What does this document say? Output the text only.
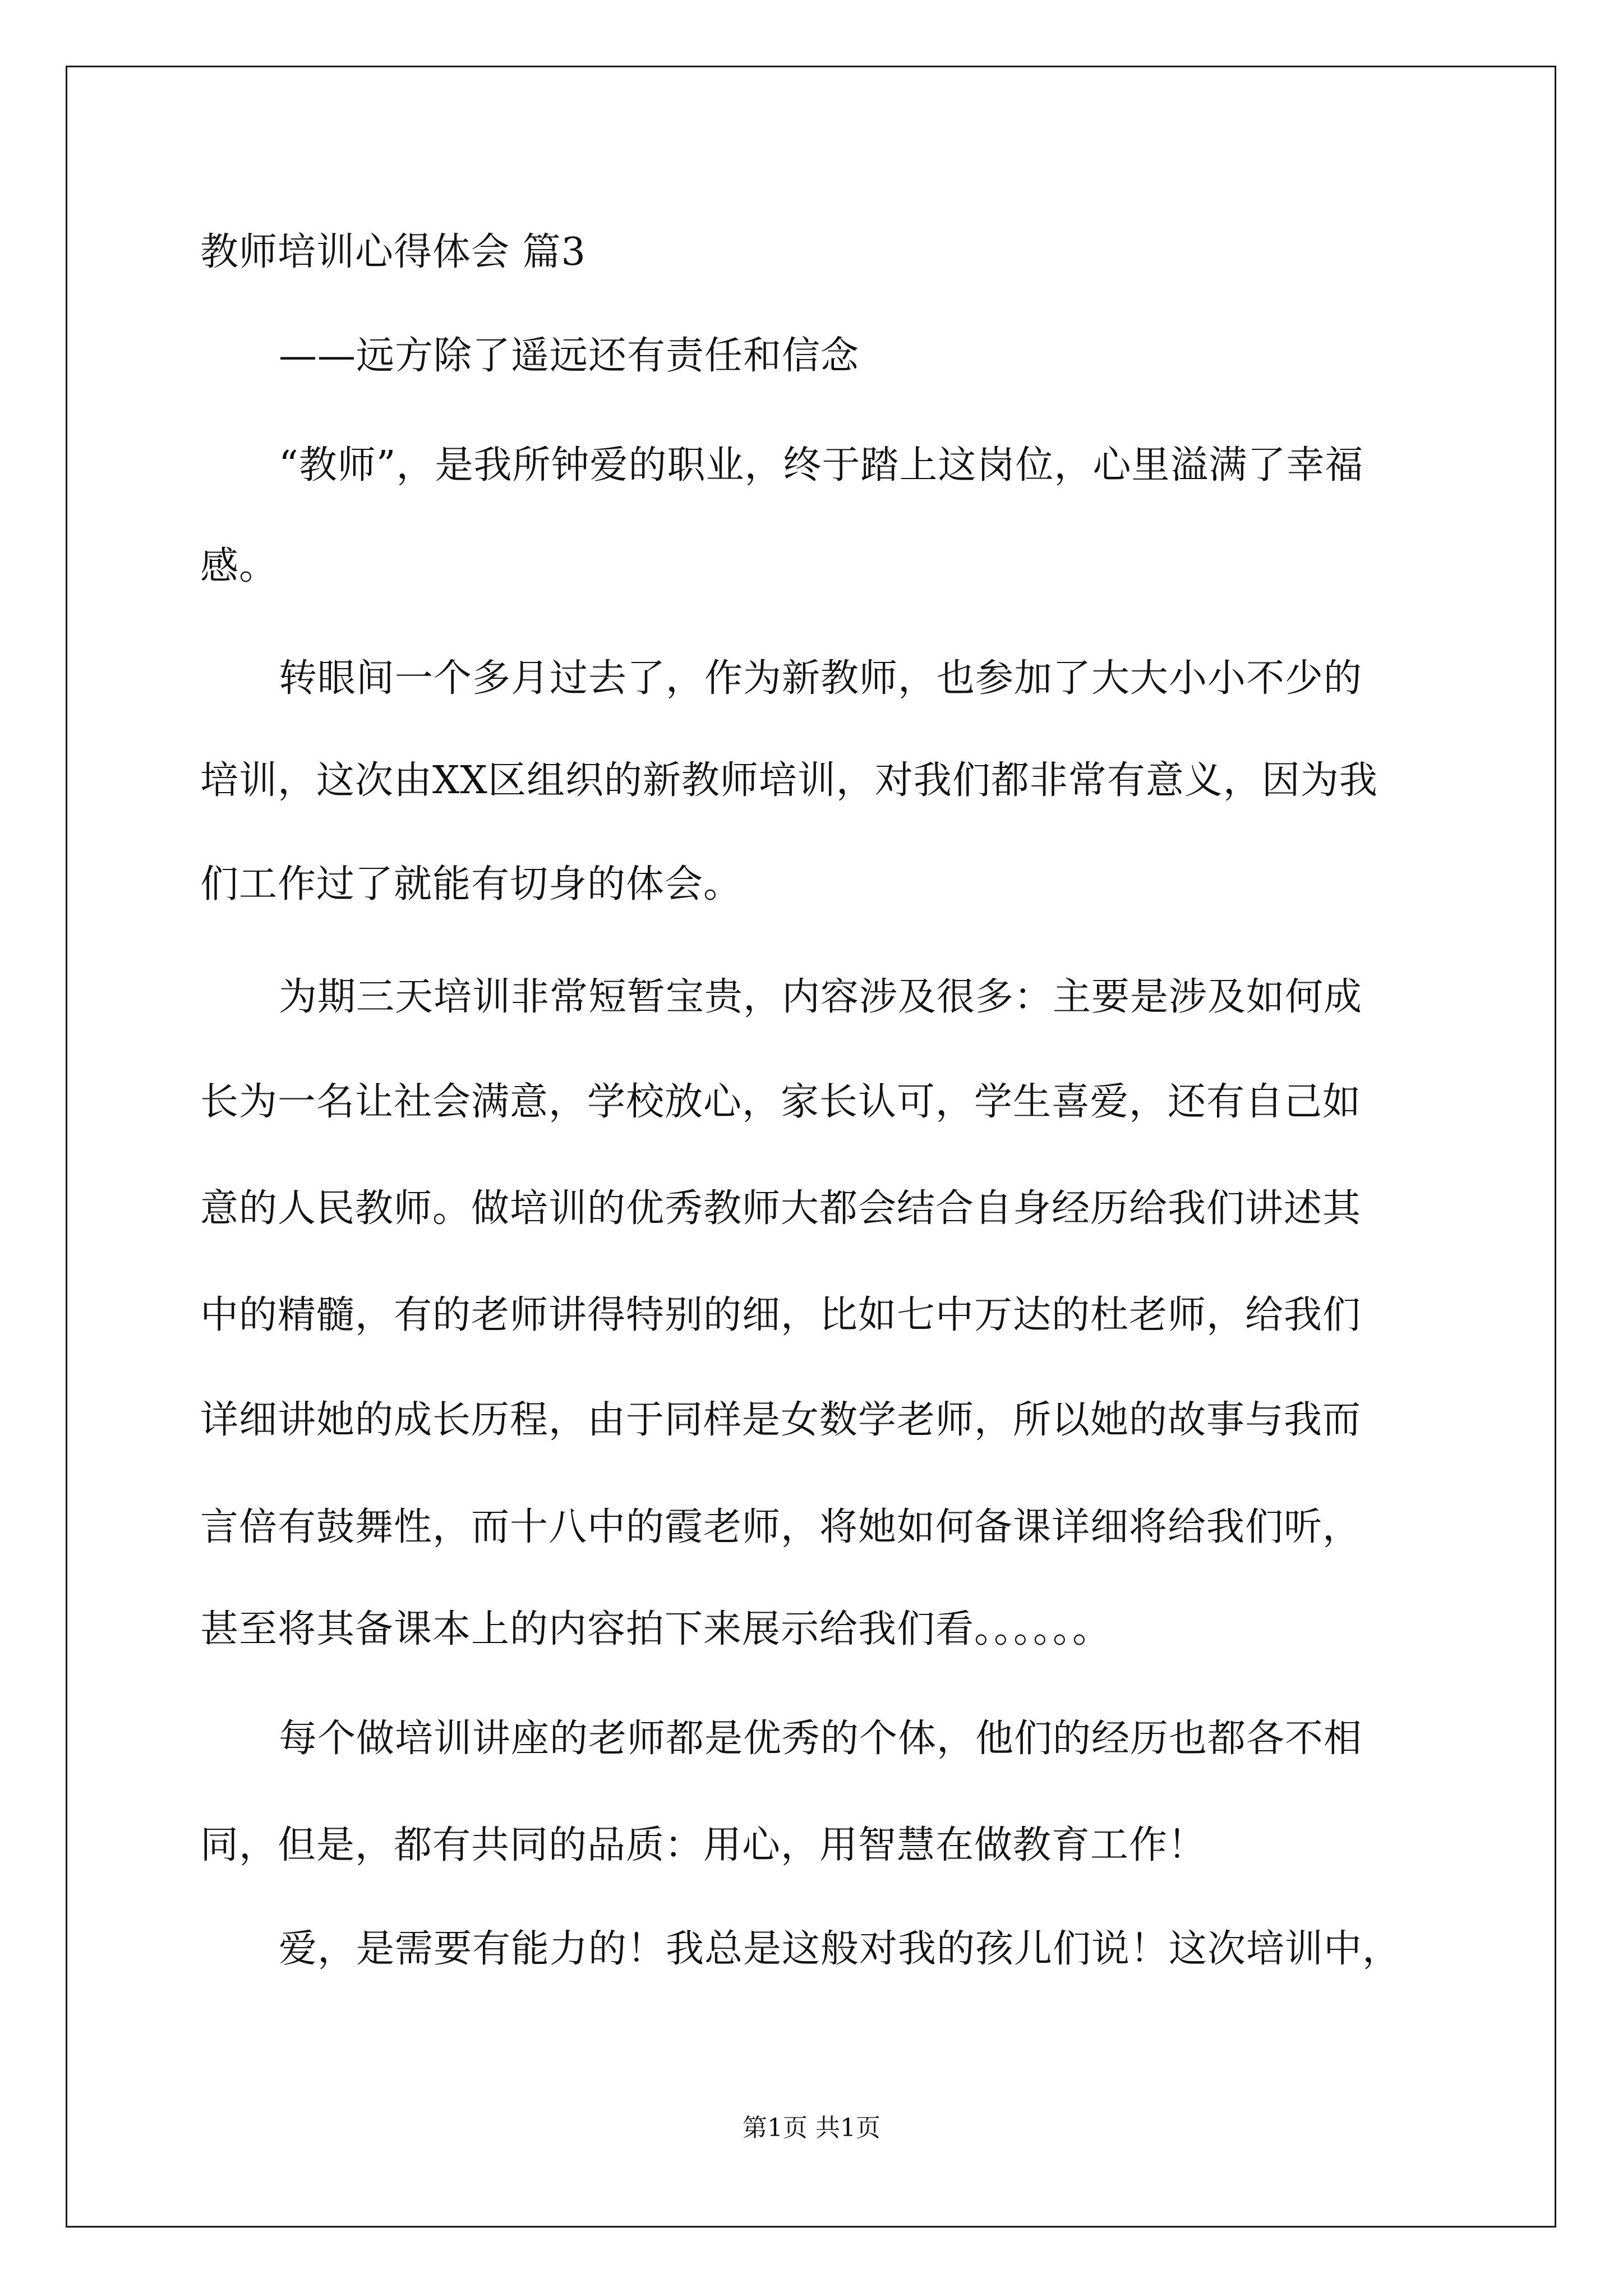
教师培训心得体会 篇3
——远方除了遥远还有责任和信念
“教师”，是我所钟爱的职业，终于踏上这岗位，心里溢满了幸福
感。
转眼间一个多月过去了，作为新教师，也参加了大大小小不少的
培训，这次由XX区组织的新教师培训，对我们都非常有意义，因为我
们工作过了就能有切身的体会。
为期三天培训非常短暂宝贵，内容涉及很多：主要是涉及如何成
长为一名让社会满意，学校放心，家长认可，学生喜爱，还有自己如
意的人民教师。做培训的优秀教师大都会结合自身经历给我们讲述其
中的精髓，有的老师讲得特别的细，比如七中万达的杜老师，给我们
详细讲她的成长历程，由于同样是女数学老师，所以她的故事与我而
言倍有鼓舞性，而十八中的霞老师，将她如何备课详细将给我们听，
甚至将其备课本上的内容拍下来展示给我们看。。。。。。
每个做培训讲座的老师都是优秀的个体，他们的经历也都各不相
同，但是，都有共同的品质：用心，用智慧在做教育工作！
爱，是需要有能力的！我总是这般对我的孩儿们说！这次培训中，
第1页 共1页
